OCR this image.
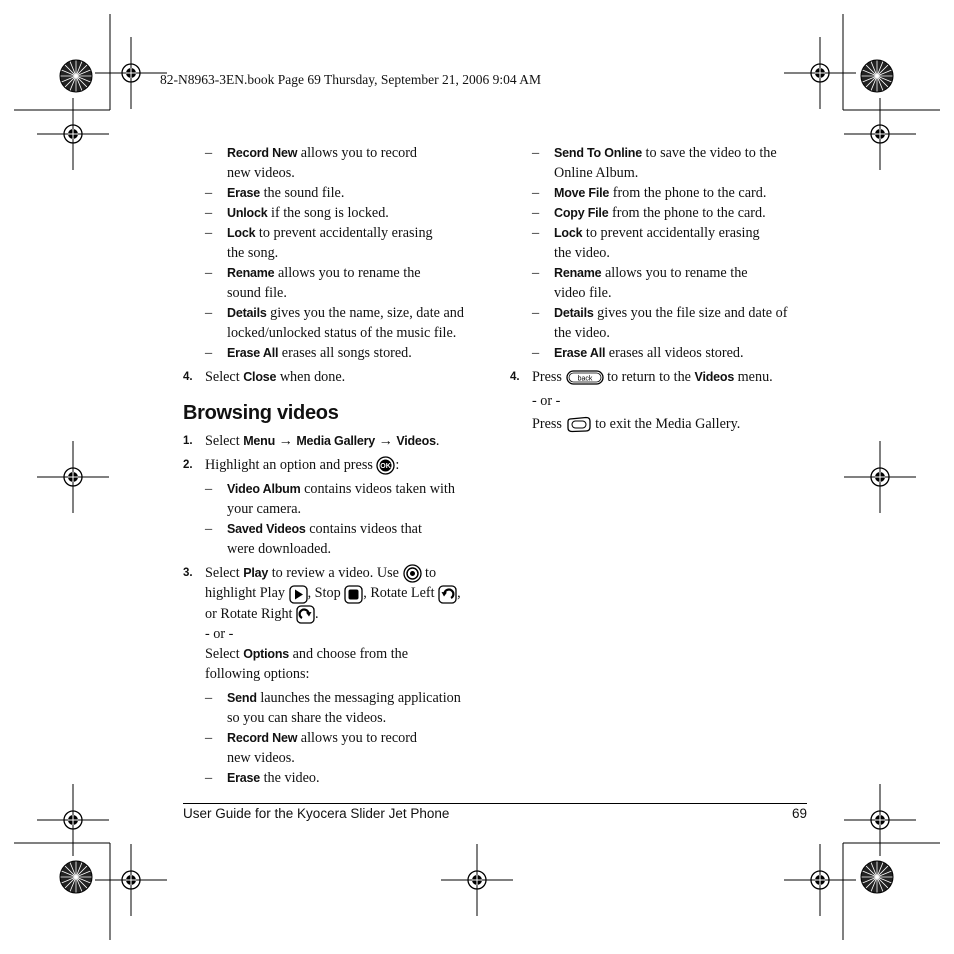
82-N8963-3EN.book Page 69 Thursday, September 21, 2006 9:04 AM
– Record New allows you to record
new videos.
– Erase the sound file.
– Unlock if the song is locked.
– Lock to prevent accidentally erasing
the song.
– Rename allows you to rename the
sound file.
– Details gives you the name, size, date and
locked/unlocked status of the music file.
– Erase All erases all songs stored.
4. Select Close when done.
Browsing videos
1. Select Menu → Media Gallery → Videos.
2. Highlight an option and press OK :
– Video Album contains videos taken with
your camera.
– Saved Videos contains videos that
were downloaded.
3. Select Play to review a video. Use  to
highlight Play , Stop , Rotate Left ,
or Rotate Right .
- or -
Select Options and choose from the
following options:
– Send launches the messaging application
so you can share the videos.
– Record New allows you to record
new videos.
– Erase the video.
– Send To Online to save the video to the
Online Album.
– Move File from the phone to the card.
– Copy File from the phone to the card.
– Lock to prevent accidentally erasing
the video.
– Rename allows you to rename the
video file.
– Details gives you the file size and date of
the video.
– Erase All erases all videos stored.
4. Press back to return to the Videos menu.
- or -
Press  to exit the Media Gallery.
User Guide for the Kyocera Slider Jet Phone	69
